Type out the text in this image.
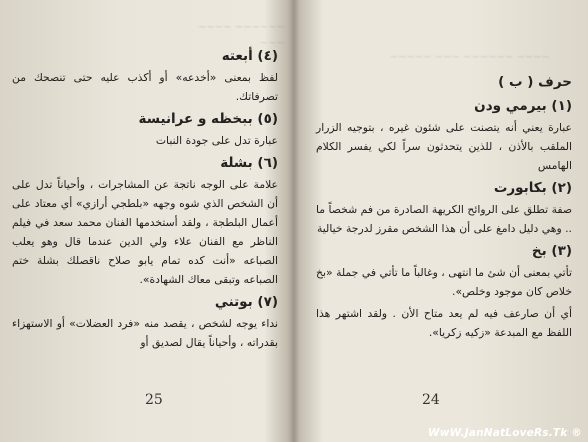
~~~~~~ ~~~~ ~~~
~~~~ ~~~~~~ ~~~ ~~~~~
(٤) أبعته

لفظ بمعنى «أخدعه» أو أكذب عليه حتى تنصحك من تصرفاتك.

(٥) ببخظه و عرانيسة

عبارة تدل على جودة النبات

(٦) بشلة

علامة على الوجه ناتجة عن المشاجرات ، وأحياناً تدل على أن الشخص الذي شوه وجهه «بلطجي أرازي» أي معتاد على أعمال البلطجة ، ولقد أستخدمها الفنان محمد سعد في فيلم الناظر مع الفنان علاء ولي الدين عندما قال وهو يعلب الصباعه «أنت كده تمام يابو صلاح ناقصلك بشلة ختم الصباعه وتبقى معاك الشهادة».

(٧) بوتني

نداء يوجه لشخص ، يقصد منه «فرد العضلات» أو الاستهزاء بقدراته ، وأحياناً يقال لصديق أو

25
حرف ( ب )
(١) بيرمي ودن

عبارة يعني أنه يتصنت على شئون غيره ، بتوجيه الزرار الملقب بالأذن ، للذين يتحدثون سراً لكي يفسر الكلام الهامس

(٢) بكابورت

صفة تطلق على الروائح الكريهة الصادرة من فم شخصاً ما .. وهي دليل دامغ على أن هذا الشخص مقرز لدرجة خيالية

(٣) بخ

تأتي بمعنى أن شئ ما انتهى ، وغالباً ما تأتي في جملة «بخ خلاص كان موجود وخلص».

أي أن صارعف فيه لم يعد متاح الأن . ولقد اشتهر هذا اللفظ مع المبدعة «زكيه زكريا».

24
WwW.JanNatLoveRs.Tk ®
